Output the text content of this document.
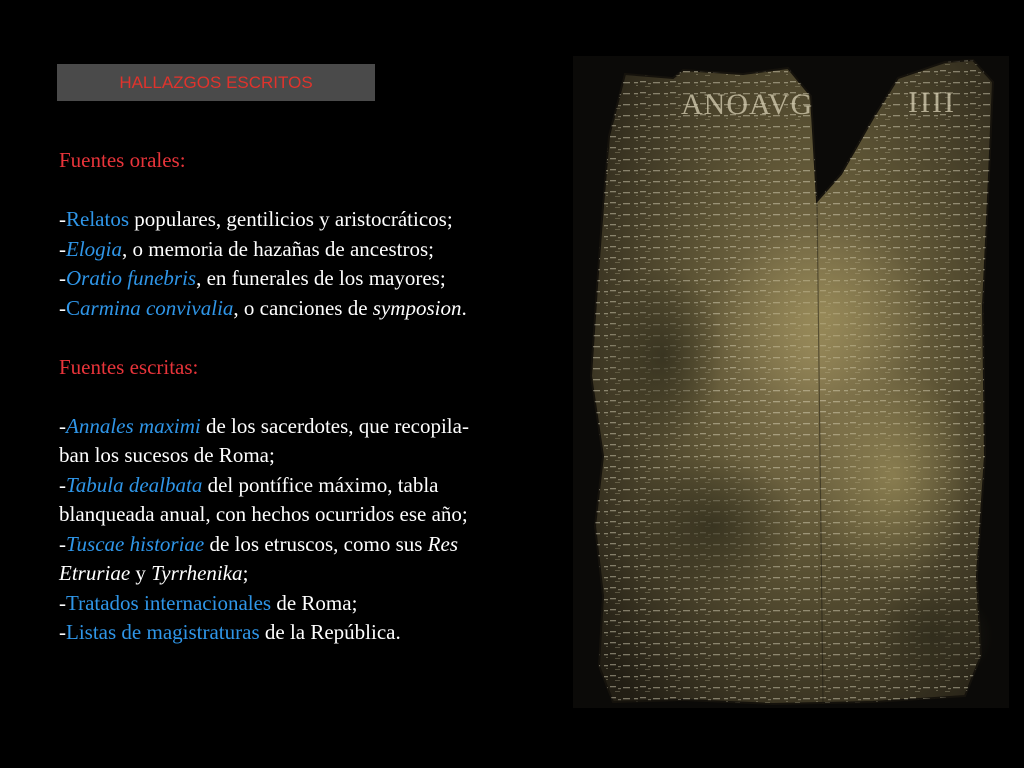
HALLAZGOS ESCRITOS
Fuentes orales:
-Relatos populares, gentilicios y aristocráticos;
-Elogia, o memoria de hazañas de ancestros;
-Oratio funebris, en funerales de los mayores;
-Carmina convivalia, o canciones de symposion.
Fuentes escritas:
-Annales maximi de los sacerdotes, que recopila-
ban los sucesos de Roma;
-Tabula dealbata del pontífice máximo, tabla
blanqueada anual, con hechos ocurridos ese año;
-Tuscae historiae de los etruscos, como sus Res
Etruriae y Tyrrhenika;
-Tratados internacionales de Roma;
-Listas de magistraturas de la República.
ANOAVG	IIII
